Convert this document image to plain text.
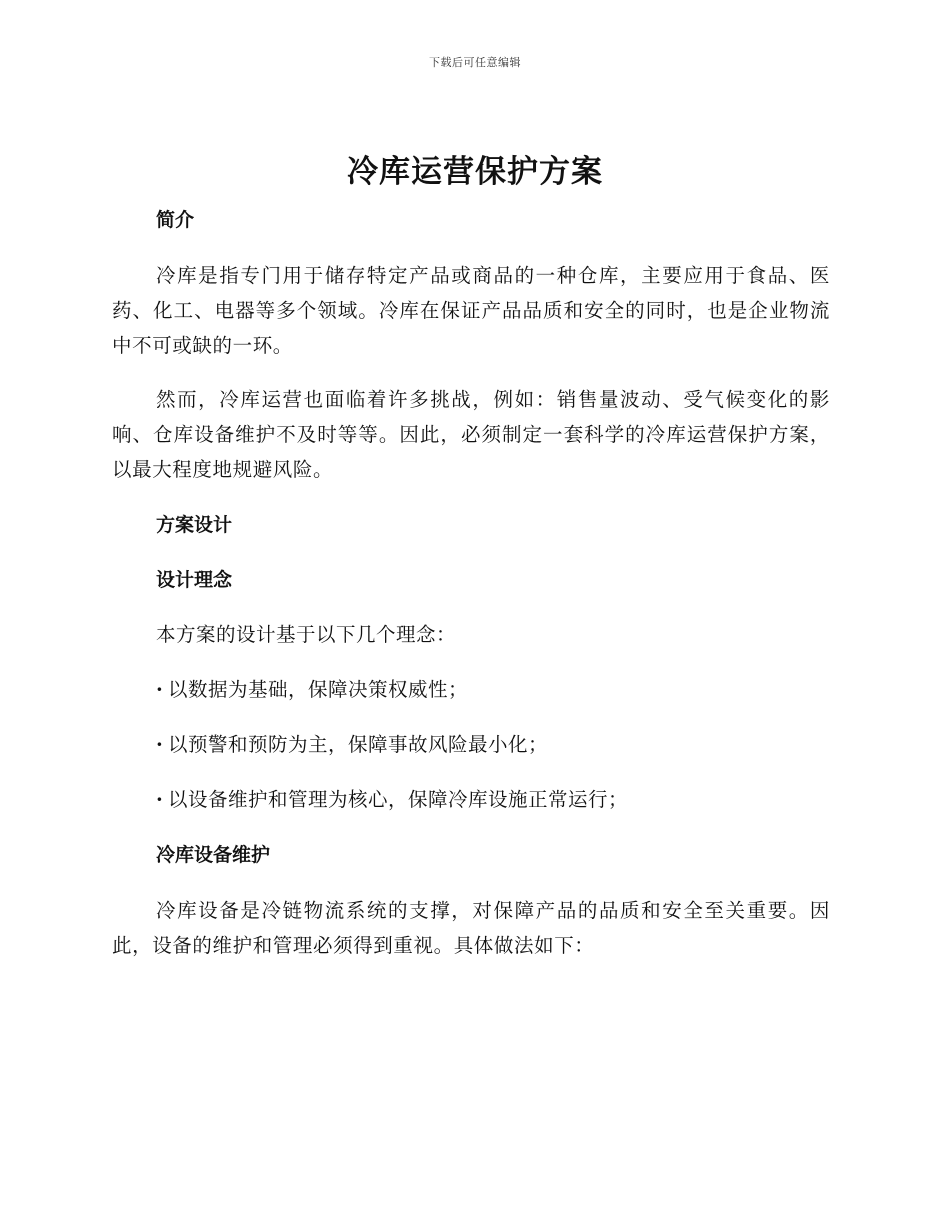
下载后可任意编辑
冷库运营保护方案
简介

冷库是指专门用于储存特定产品或商品的一种仓库，主要应用于食品、医药、化工、电器等多个领域。冷库在保证产品品质和安全的同时，也是企业物流中不可或缺的一环。

然而，冷库运营也面临着许多挑战，例如：销售量波动、受气候变化的影响、仓库设备维护不及时等等。因此，必须制定一套科学的冷库运营保护方案，以最大程度地规避风险。

方案设计
设计理念
本方案的设计基于以下几个理念：
· 以数据为基础，保障决策权威性；
· 以预警和预防为主，保障事故风险最小化；
· 以设备维护和管理为核心，保障冷库设施正常运行；
冷库设备维护

冷库设备是冷链物流系统的支撑，对保障产品的品质和安全至关重要。因此，设备的维护和管理必须得到重视。具体做法如下：
